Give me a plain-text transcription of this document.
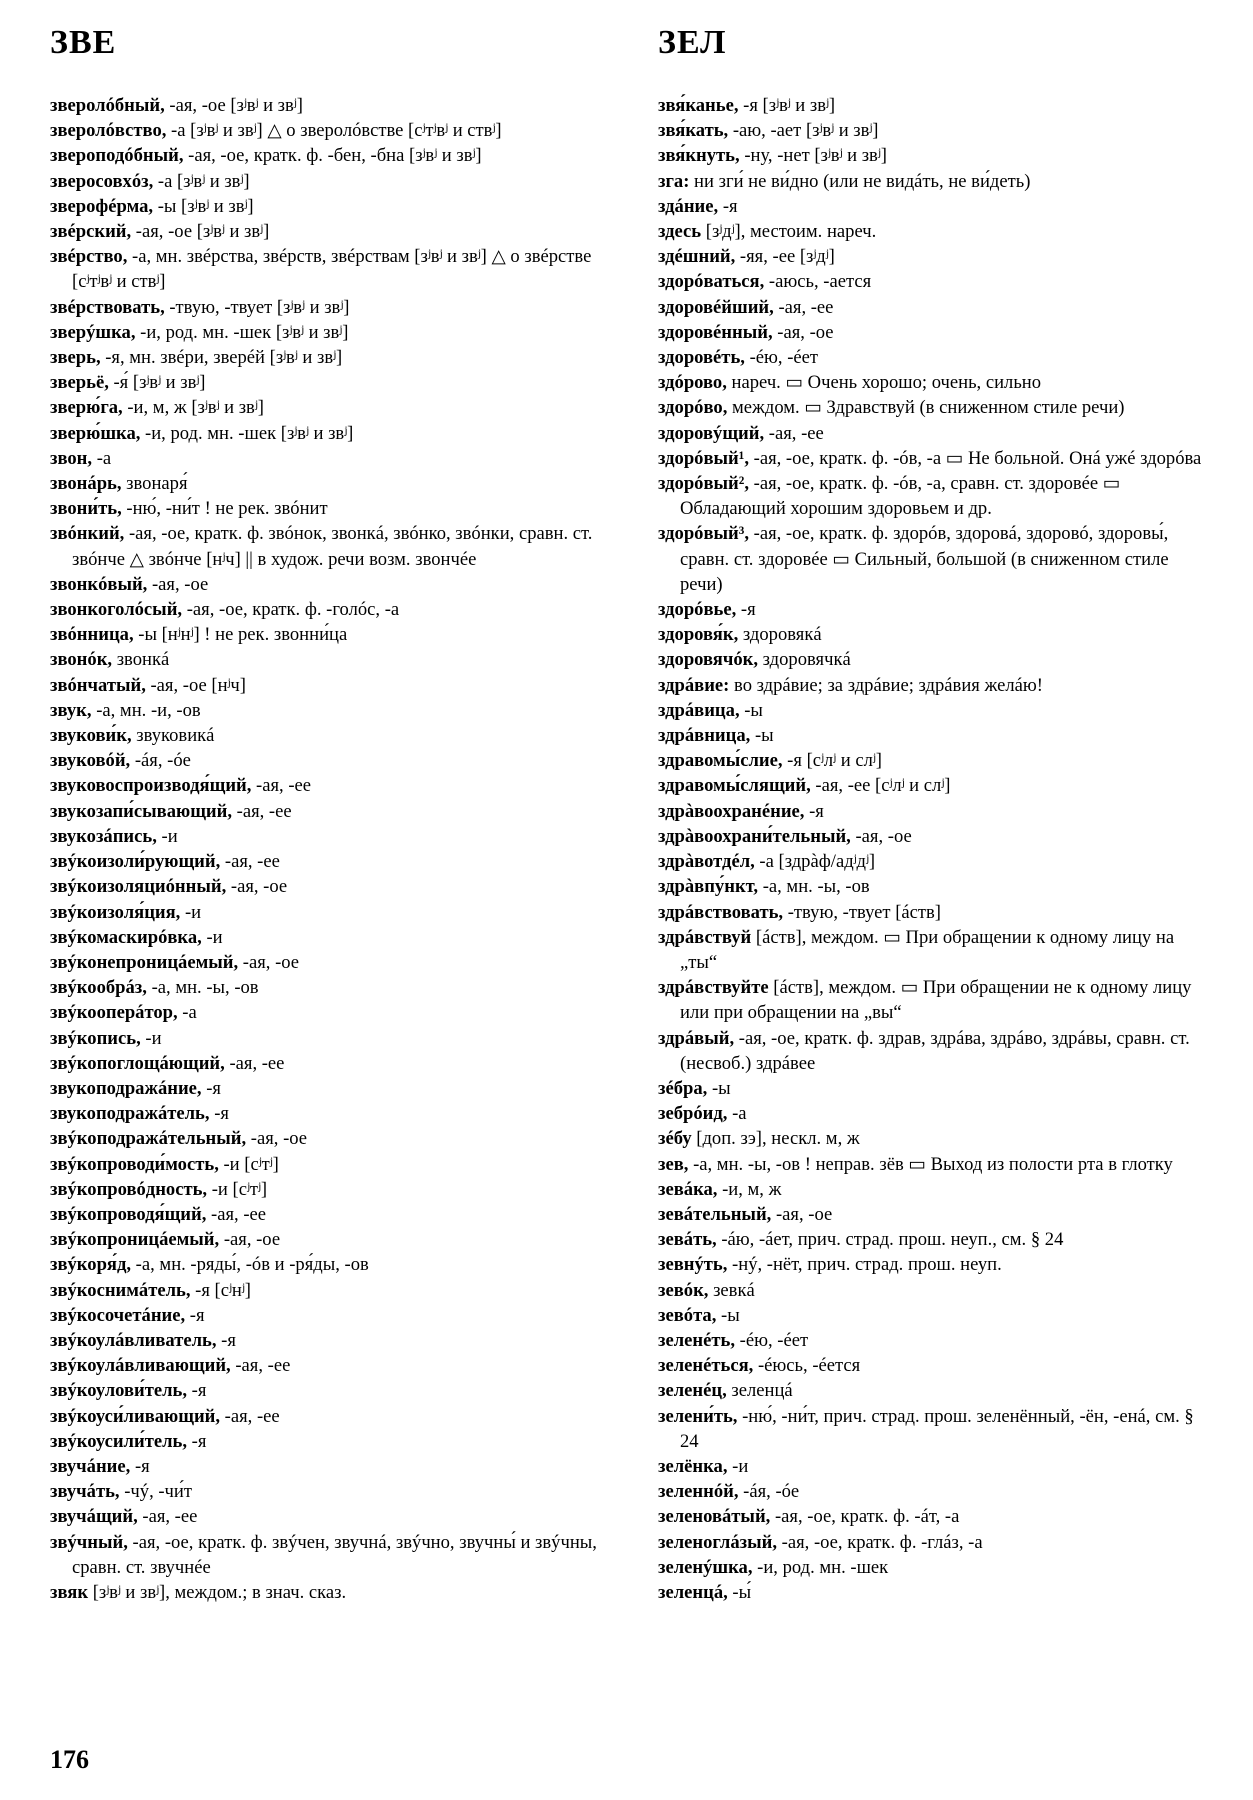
ЗВЕ	ЗЕЛ
зверолóбный, -ая, -ое [зʲвʲ и звʲ]
зверолóвство, -а [зʲвʲ и звʲ] △ о зверолóвстве [сʲтʲвʲ и ствʲ]
звероподóбный, -ая, -ое, кратк. ф. -бен, -бна [зʲвʲ и звʲ]
зверосовхóз, -а [зʲвʲ и звʲ]
зверофéрма, -ы [зʲвʲ и звʲ]
звéрский, -ая, -ое [зʲвʲ и звʲ]
звéрство, -а, мн. звéрства, звéрств, звéрствам [зʲвʲ и звʲ] △ о звéрстве [сʲтʲвʲ и ствʲ]
звéрствовать, -твую, -твует [зʲвʲ и звʲ]
зверýшка, -и, род. мн. -шек [зʲвʲ и звʲ]
зверь, -я, мн. звéри, зверéй [зʲвʲ и звʲ]
зверьё, -я́ [зʲвʲ и звʲ]
зверю́га, -и, м, ж [зʲвʲ и звʲ]
зверю́шка, -и, род. мн. -шек [зʲвʲ и звʲ]
звон, -а
звонáрь, звонаря́
звони́ть, -ню́, -ни́т ! не рек. звóнит
звóнкий, -ая, -ое, кратк. ф. звóнок, звонкá, звóнко, звóнки, сравн. ст. звóнче △ звóнче [нʲч] || в худож. речи возм. звончéе
звонкóвый, -ая, -ое
звонкоголóсый, -ая, -ое, кратк. ф. -голóс, -а
звóнница, -ы [нʲнʲ] ! не рек. звонни́ца
звонóк, звонкá
звóнчатый, -ая, -ое [нʲч]
звук, -а, мн. -и, -ов
звукови́к, звуковикá
звуковóй, -áя, -óе
звуковоспроизводя́щий, -ая, -ее
звукозапи́сывающий, -ая, -ее
звукозáпись, -и
звýкоизоли́рующий, -ая, -ее
звýкоизоляциóнный, -ая, -ое
звýкоизоля́ция, -и
звýкомаскирóвка, -и
звýконепроницáемый, -ая, -ое
звýкообрáз, -а, мн. -ы, -ов
звýкооперáтор, -а
звýкопись, -и
звýкопоглощáющий, -ая, -ее
звукоподражáние, -я
звукоподражáтель, -я
звýкоподражáтельный, -ая, -ое
звýкопроводи́мость, -и [сʲтʲ]
звýкопровóдность, -и [сʲтʲ]
звýкопроводя́щий, -ая, -ее
звýкопроницáемый, -ая, -ое
звýкоря́д, -а, мн. -ряды́, -óв и -ря́ды, -ов
звýкоснимáтель, -я [сʲнʲ]
звýкосочетáние, -я
звýкоулáвливатель, -я
звýкоулáвливающий, -ая, -ее
звýкоулови́тель, -я
звýкоуси́ливающий, -ая, -ее
звýкоусили́тель, -я
звучáние, -я
звучáть, -чý, -чи́т
звучáщий, -ая, -ее
звýчный, -ая, -ое, кратк. ф. звýчен, звучнá, звýчно, звучны́ и звýчны, сравн. ст. звучнéе
звяк [зʲвʲ и звʲ], междом.; в знач. сказ.
звя́канье, -я [зʲвʲ и звʲ]
звя́кать, -аю, -ает [зʲвʲ и звʲ]
звя́кнуть, -ну, -нет [зʲвʲ и звʲ]
зга: ни зги́ не ви́дно (или не видáть, не ви́деть)
здáние, -я
здесь [зʲдʲ], местоим. нареч.
здéшний, -яя, -ее [зʲдʲ]
здорóваться, -аюсь, -ается
здоровéйший, -ая, -ее
здоровéнный, -ая, -ое
здоровéть, -éю, -éет
здóрово, нареч. ▭ Очень хорошо; очень, сильно
здорóво, междом. ▭ Здравствуй (в сниженном стиле речи)
здоровýщий, -ая, -ее
здорóвый¹, -ая, -ое, кратк. ф. -óв, -а ▭ Не больной. Онá ужé здорóва
здорóвый², -ая, -ое, кратк. ф. -óв, -а, сравн. ст. здоровéе ▭ Обладающий хорошим здоровьем и др.
здорóвый³, -ая, -ое, кратк. ф. здорóв, здоровá, здоровó, здоровы́, сравн. ст. здоровéе ▭ Сильный, большой (в сниженном стиле речи)
здорóвье, -я
здоровя́к, здоровякá
здоровячóк, здоровячкá
здрáвие: во здрáвие; за здрáвие; здрáвия желáю!
здрáвица, -ы
здрáвница, -ы
здравомы́слие, -я [сʲлʲ и слʲ]
здравомы́слящий, -ая, -ее [сʲлʲ и слʲ]
здрàвоохранéние, -я
здрàвоохрани́тельный, -ая, -ое
здрàвотдéл, -а [здрàф/адʲдʲ]
здрàвпу́нкт, -а, мн. -ы, -ов
здрáвствовать, -твую, -твует [áств]
здрáвствуй [áств], междом. ▭ При обращении к одному лицу на „ты“
здрáвствуйте [áств], междом. ▭ При обращении не к одному лицу или при обращении на „вы“
здрáвый, -ая, -ое, кратк. ф. здрав, здрáва, здрáво, здрáвы, сравн. ст. (несвоб.) здрáвее
зéбра, -ы
зебрóид, -а
зéбу [доп. зэ], нескл. м, ж
зев, -а, мн. -ы, -ов ! неправ. зёв ▭ Выход из полости рта в глотку
зевáка, -и, м, ж
зевáтельный, -ая, -ое
зевáть, -áю, -áет, прич. страд. прош. неуп., см. § 24
зевнýть, -нý, -нёт, прич. страд. прош. неуп.
зевóк, зевкá
зевóта, -ы
зеленéть, -éю, -éет
зеленéться, -éюсь, -éется
зеленéц, зеленцá
зелени́ть, -ню́, -ни́т, прич. страд. прош. зеленённый, -ён, -енá, см. § 24
зелёнка, -и
зеленнóй, -áя, -óе
зеленовáтый, -ая, -ое, кратк. ф. -áт, -а
зеленоглáзый, -ая, -ое, кратк. ф. -глáз, -а
зеленýшка, -и, род. мн. -шек
зеленцá, -ы́
176
